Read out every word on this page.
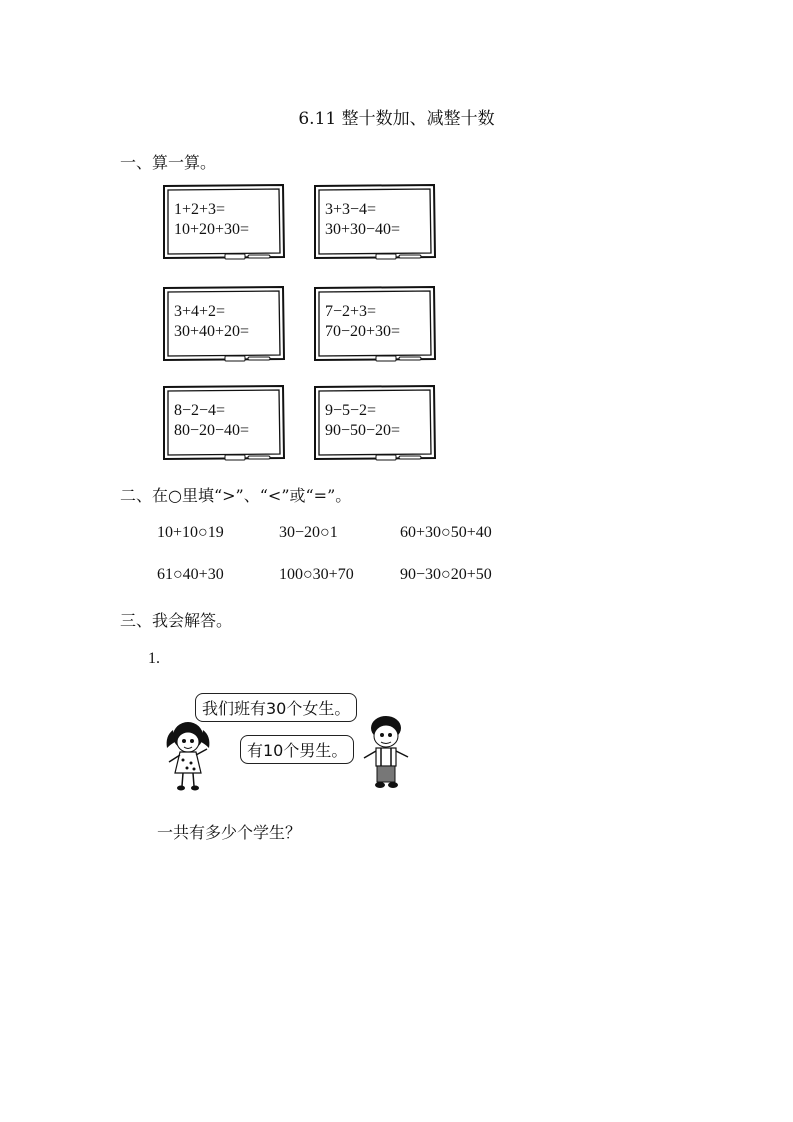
6.11 整十数加、减整十数
一、算一算。
1+2+3=
10+20+30=
3+3−4=
30+30−40=
3+4+2=
30+40+20=
7−2+3=
70−20+30=
8−2−4=
80−20−40=
9−5−2=
90−50−20=
二、在○里填“>”、“<”或“=”。
10+10○19	30−20○1	60+30○50+40
61○40+30	100○30+70	90−30○20+50
三、我会解答。
1.
我们班有30个女生。
有10个男生。
一共有多少个学生？
